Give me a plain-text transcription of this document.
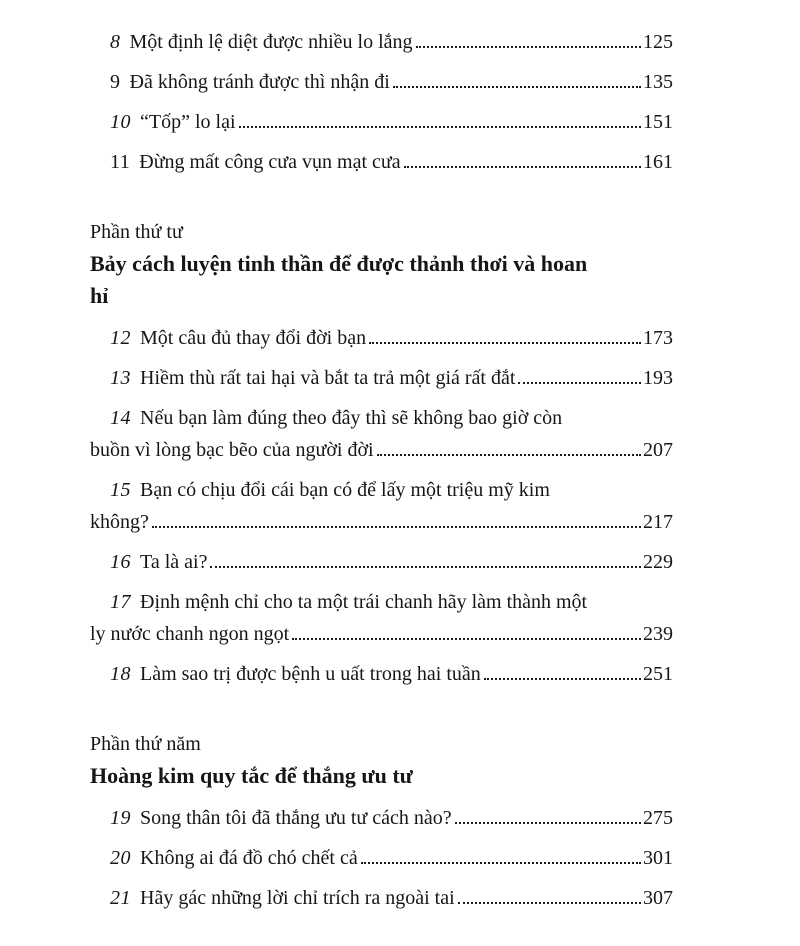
8 Một định lệ diệt được nhiều lo lắng	125
9 Đã không tránh được thì nhận đi	135
10 “Tốp” lo lại	151
11 Đừng mất công cưa vụn mạt cưa	161
Phần thứ tư
Bảy cách luyện tinh thần để được thảnh thơi và hoan
hỉ
12 Một câu đủ thay đổi đời bạn	173
13 Hiềm thù rất tai hại và bắt ta trả một giá rất đắt	193
14 Nếu bạn làm đúng theo đây thì sẽ không bao giờ còn
buồn vì lòng bạc bẽo của người đời	207
15 Bạn có chịu đổi cái bạn có để lấy một triệu mỹ kim
không?	217
16 Ta là ai?	229
17 Định mệnh chỉ cho ta một trái chanh hãy làm thành một
ly nước chanh ngon ngọt	239
18 Làm sao trị được bệnh u uất trong hai tuần	251
Phần thứ năm
Hoàng kim quy tắc để thắng ưu tư
19 Song thân tôi đã thắng ưu tư cách nào?	275
20 Không ai đá đồ chó chết cả	301
21 Hãy gác những lời chỉ trích ra ngoài tai	307
